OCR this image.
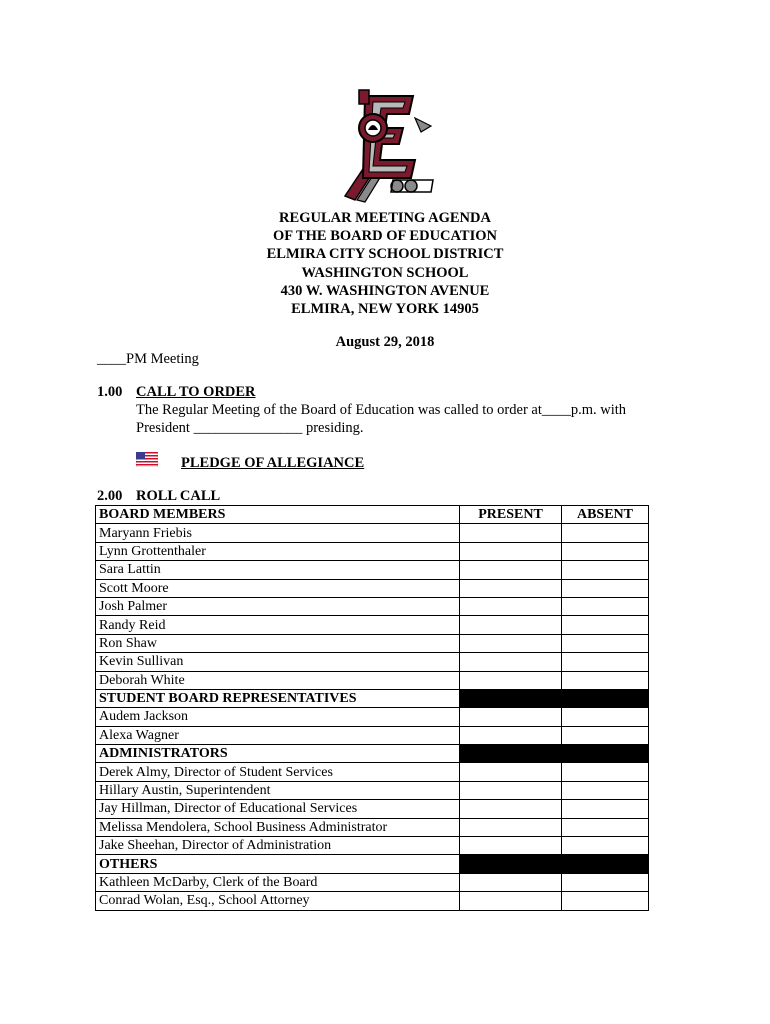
REGULAR MEETING AGENDA
OF THE BOARD OF EDUCATION
ELMIRA CITY SCHOOL DISTRICT
WASHINGTON SCHOOL
430 W. WASHINGTON AVENUE
ELMIRA, NEW YORK 14905
August 29, 2018
____PM Meeting
1.00 CALL TO ORDER
The Regular Meeting of the Board of Education was called to order at____p.m. with
President _______________ presiding.
PLEDGE OF ALLEGIANCE
2.00 ROLL CALL
BOARD MEMBERS	PRESENT	ABSENT
Maryann Friebis		
Lynn Grottenthaler		
Sara Lattin		
Scott Moore		
Josh Palmer		
Randy Reid		
Ron Shaw		
Kevin Sullivan		
Deborah White		
STUDENT BOARD REPRESENTATIVES		
Audem Jackson		
Alexa Wagner		
ADMINISTRATORS		
Derek Almy, Director of Student Services		
Hillary Austin, Superintendent		
Jay Hillman, Director of Educational Services		
Melissa Mendolera, School Business Administrator		
Jake Sheehan, Director of Administration		
OTHERS		
Kathleen McDarby, Clerk of the Board		
Conrad Wolan, Esq., School Attorney		
